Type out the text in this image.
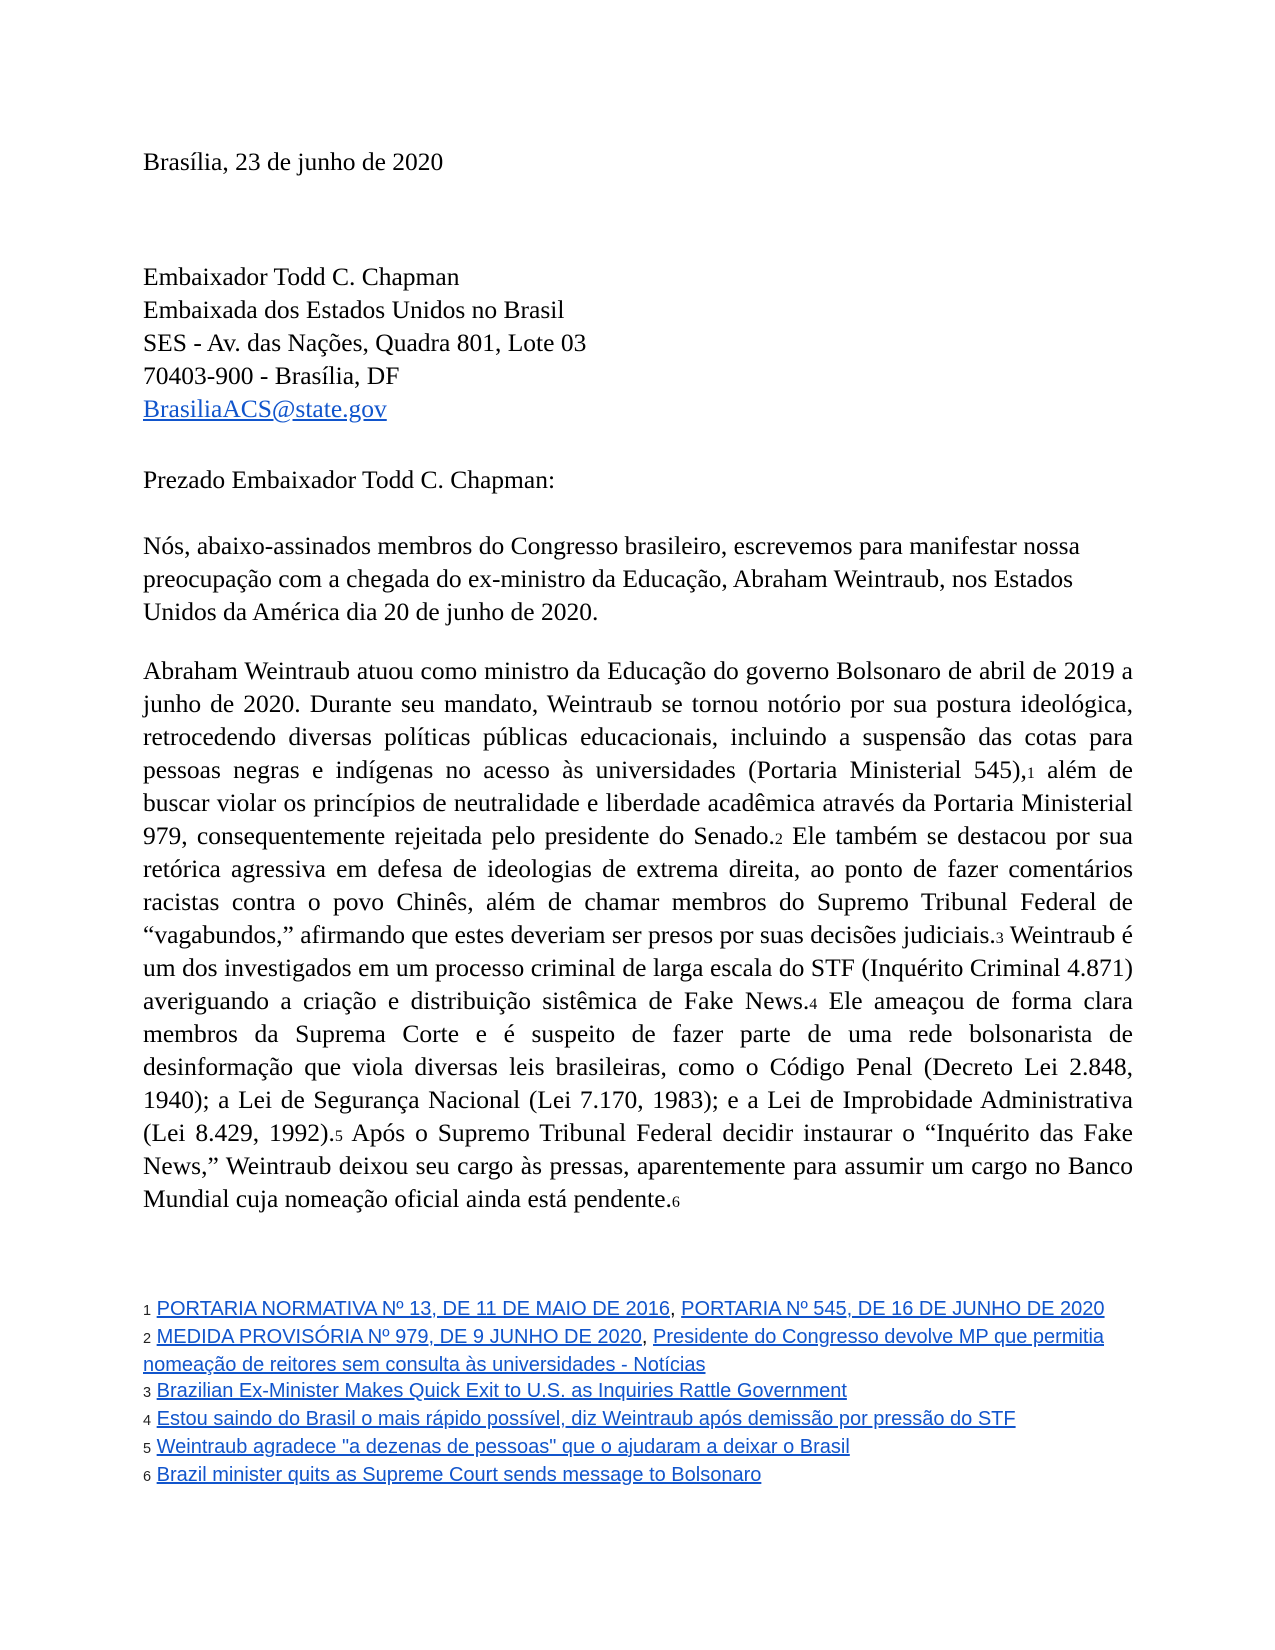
Brasília, 23 de junho de 2020
Embaixador Todd C. Chapman
Embaixada dos Estados Unidos no Brasil
SES - Av. das Nações, Quadra 801, Lote 03
70403-900 - Brasília, DF
BrasiliaACS@state.gov
Prezado Embaixador Todd C. Chapman:

Nós, abaixo-assinados membros do Congresso brasileiro, escrevemos para manifestar nossa preocupação com a chegada do ex-ministro da Educação, Abraham Weintraub, nos Estados Unidos da América dia 20 de junho de 2020.

Abraham Weintraub atuou como ministro da Educação do governo Bolsonaro de abril de 2019 a junho de 2020. Durante seu mandato, Weintraub se tornou notório por sua postura ideológica, retrocedendo diversas políticas públicas educacionais, incluindo a suspensão das cotas para pessoas negras e indígenas no acesso às universidades (Portaria Ministerial 545),1 além de buscar violar os princípios de neutralidade e liberdade acadêmica através da Portaria Ministerial 979, consequentemente rejeitada pelo presidente do Senado.2 Ele também se destacou por sua retórica agressiva em defesa de ideologias de extrema direita, ao ponto de fazer comentários racistas contra o povo Chinês, além de chamar membros do Supremo Tribunal Federal de “vagabundos,” afirmando que estes deveriam ser presos por suas decisões judiciais.3 Weintraub é um dos investigados em um processo criminal de larga escala do STF (Inquérito Criminal 4.871) averiguando a criação e distribuição sistêmica de Fake News.4 Ele ameaçou de forma clara membros da Suprema Corte e é suspeito de fazer parte de uma rede bolsonarista de desinformação que viola diversas leis brasileiras, como o Código Penal (Decreto Lei 2.848, 1940); a Lei de Segurança Nacional (Lei 7.170, 1983); e a Lei de Improbidade Administrativa (Lei 8.429, 1992).5 Após o Supremo Tribunal Federal decidir instaurar o “Inquérito das Fake News,” Weintraub deixou seu cargo às pressas, aparentemente para assumir um cargo no Banco Mundial cuja nomeação oficial ainda está pendente.6

1 PORTARIA NORMATIVA Nº 13, DE 11 DE MAIO DE 2016, PORTARIA Nº 545, DE 16 DE JUNHO DE 2020
2 MEDIDA PROVISÓRIA Nº 979, DE 9 JUNHO DE 2020, Presidente do Congresso devolve MP que permitia nomeação de reitores sem consulta às universidades - Notícias
3 Brazilian Ex-Minister Makes Quick Exit to U.S. as Inquiries Rattle Government
4 Estou saindo do Brasil o mais rápido possível, diz Weintraub após demissão por pressão do STF
5 Weintraub agradece "a dezenas de pessoas" que o ajudaram a deixar o Brasil
6 Brazil minister quits as Supreme Court sends message to Bolsonaro
